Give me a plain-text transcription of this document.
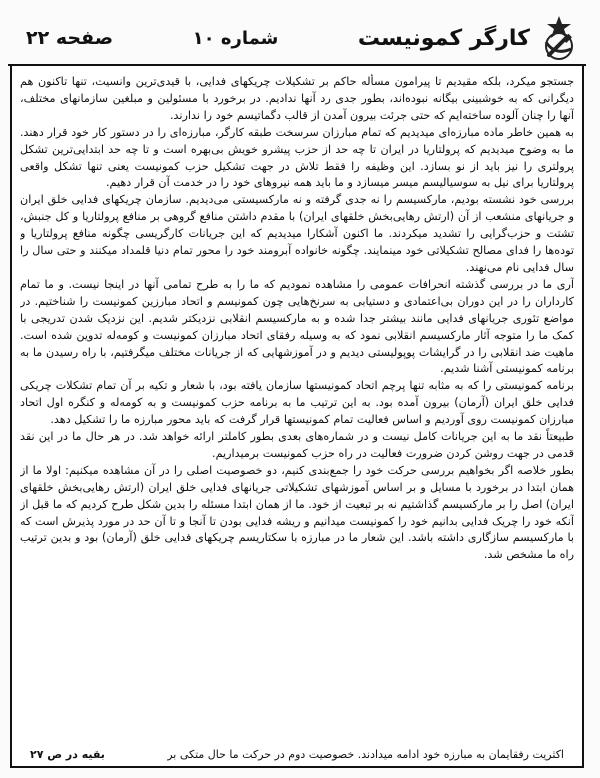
صفحه ۲۲	شماره ۱۰	کارگر کمونیست

جستجو میکرد، بلکه مقیدیم تا پیرامون مسأله حاکم بر تشکیلات چریکهای فدایی، با قیدی‌ترین وانسیت، تنها تاکنون هم دیگرانی که به خوشبینی بیگانه نبوده‌اند، بطور جدی رد آنها ندادیم. در برخورد با مسئولین و مبلغین سازمانهای مختلف، آنها را چنان آلوده ساخته‌ایم که حتی جرئت بیرون آمدن از قالب دگماتیسم خود را ندارند.

به همین خاطر ماده مبارزه‌ای میدیدیم که تمام مبارزان سرسخت طبقه کارگر، مبارزه‌ای را در دستور کار خود قرار دهند. ما به وضوح میدیدیم که پرولتاریا در ایران تا چه حد از حزب پیشرو خویش بی‌بهره است و تا چه حد ابتدایی‌ترین تشکل پرولتری را نیز باید از نو بسازد. این وظیفه را فقط تلاش در جهت تشکیل حزب کمونیست یعنی تنها تشکل واقعی پرولتاریا برای نیل به سوسیالیسم میسر میسازد و ما باید همه نیروهای خود را در خدمت آن قرار دهیم.

بررسی خود نشسته بودیم، مارکسیسم را نه جدی گرفته و نه مارکسیستی می‌دیدیم. سازمان چریکهای فدایی خلق ایران و جریانهای منشعب از آن (ارتش رهایی‌بخش خلقهای ایران) با مقدم داشتن منافع گروهی بر منافع پرولتاریا و کل جنبش، تشتت و حزب‌گرایی را تشدید میکردند. ما اکنون آشکارا میدیدیم که این جریانات کارگریسی چگونه منافع پرولتاریا و توده‌ها را فدای مصالح تشکیلاتی خود مینمایند. چگونه خانواده آبرومند خود را محور تمام دنیا قلمداد میکنند و حتی سال را سال فدایی نام می‌نهند.

آری ما در بررسی گذشته انحرافات عمومی را مشاهده نمودیم که ما را به طرح تمامی آنها در اینجا نیست. و ما تمام کارداران را در این دوران بی‌اعتمادی و دستیابی به سرنخ‌هایی چون کمونیسم و اتحاد مبارزین کمونیست را شناختیم. در مواضع تئوری جریانهای فدایی مانند بیشتر جدا شده و به مارکسیسم انقلابی نزدیکتر شدیم. این نزدیک شدن تدریجی با کمک ما را متوجه آثار مارکسیسم انقلابی نمود که به وسیله رفقای اتحاد مبارزان کمونیست و کومه‌له تدوین شده است. ماهیت ضد انقلابی را در گرایشات پوپولیستی دیدیم و در آموزشهایی که از جریانات مختلف میگرفتیم، با راه رسیدن ما به برنامه کمونیستی آشنا شدیم.

برنامه کمونیستی را که به مثابه تنها پرچم اتحاد کمونیستها سازمان یافته بود، با شعار و تکیه بر آن تمام تشکلات چریکی فدایی خلق ایران (آرمان) بیرون آمده بود. به این ترتیب ما به برنامه حزب کمونیست و به کومه‌له و کنگره اول اتحاد مبارزان کمونیست روی آوردیم و اساس فعالیت تمام کمونیستها قرار گرفت که باید محور مبارزه ما را تشکیل دهد.

طبیعتاً نقد ما به این جریانات کامل نیست و در شماره‌های بعدی بطور کاملتر ارائه خواهد شد. در هر حال ما در این نقد قدمی در جهت روشن کردن ضرورت فعالیت در راه حزب کمونیست برمیداریم.

بطور خلاصه اگر بخواهیم بررسی حرکت خود را جمع‌بندی کنیم، دو خصوصیت اصلی را در آن مشاهده میکنیم: اولا ما از همان ابتدا در برخورد با مسایل و بر اساس آموزشهای تشکیلاتی جریانهای فدایی خلق ایران (ارتش رهایی‌بخش خلقهای ایران) اصل را بر مارکسیسم گذاشتیم نه بر تبعیت از خود. ما از همان ابتدا مسئله را بدین شکل طرح کردیم که ما قبل از آنکه خود را چریک فدایی بدانیم خود را کمونیست میدانیم و ریشه فدایی بودن تا آنجا و تا آن حد در مورد پذیرش است که با مارکسیسم سازگاری داشته باشد. این شعار ما در مبارزه با سکتاریسم چریکهای فدایی خلق (آرمان) بود و بدین ترتیب راه ما مشخص شد.

اکثریت رفقایمان به مبارزه خود ادامه میدادند. خصوصیت دوم در حرکت ما حال متکی بر
بقیه در ص ۲۷
